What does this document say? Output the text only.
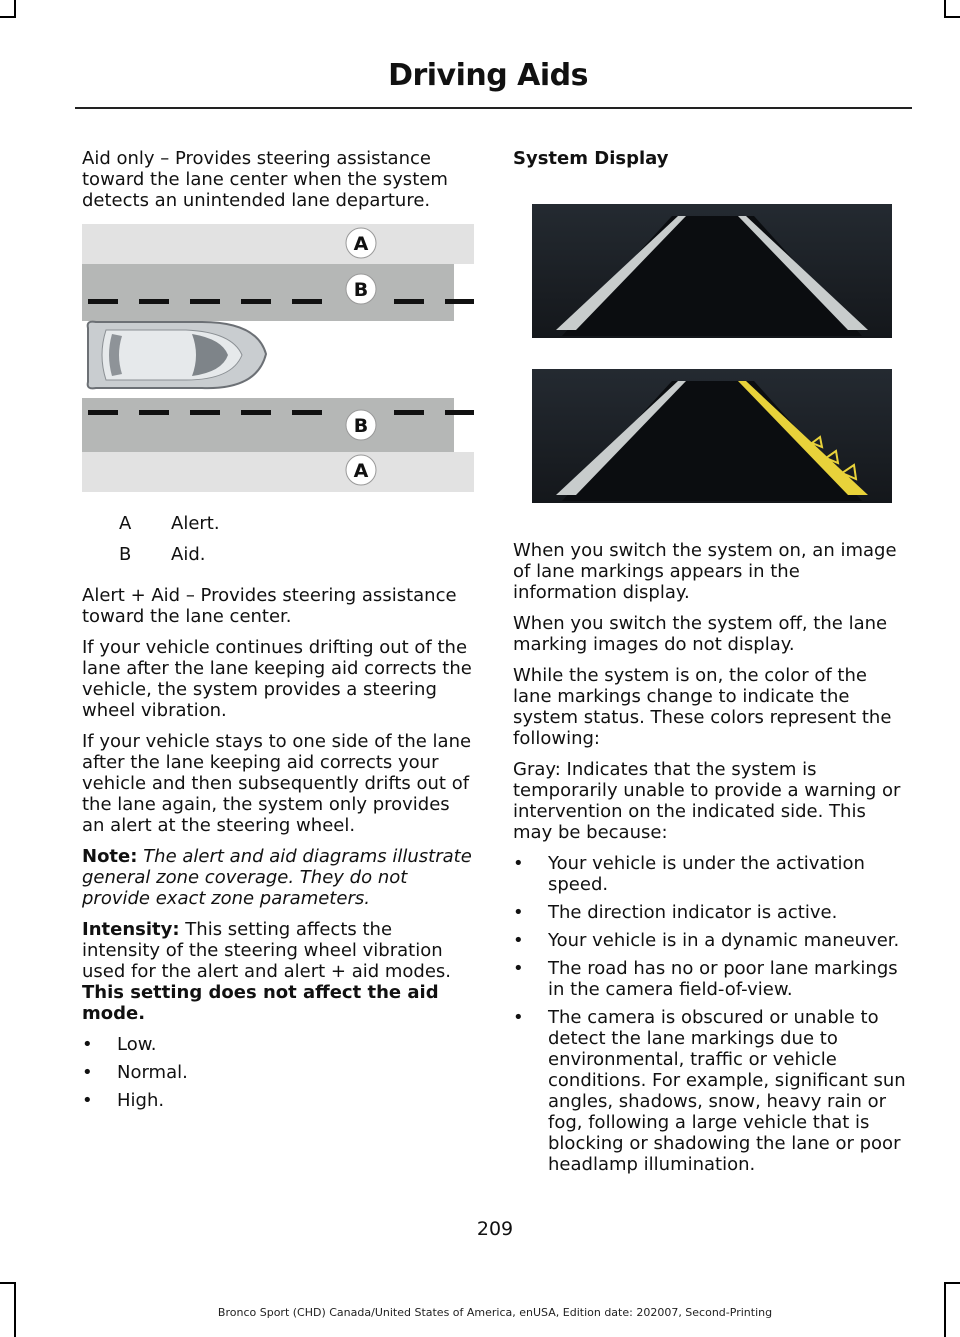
Driving Aids

Aid only – Provides steering assistance toward the lane center when the system detects an unintended lane departure.

A
B
B
A
A	Alert.
B	Aid.

Alert + Aid – Provides steering assistance toward the lane center.

If your vehicle continues drifting out of the lane after the lane keeping aid corrects the vehicle, the system provides a steering wheel vibration.

If your vehicle stays to one side of the lane after the lane keeping aid corrects your vehicle and then subsequently drifts out of the lane again, the system only provides an alert at the steering wheel.

Note: The alert and aid diagrams illustrate general zone coverage. They do not provide exact zone parameters.

Intensity: This setting affects the intensity of the steering wheel vibration used for the alert and alert + aid modes. This setting does not affect the aid mode.

• Low.
• Normal.
• High.

System Display

When you switch the system on, an image of lane markings appears in the information display.

When you switch the system off, the lane marking images do not display.

While the system is on, the color of the lane markings change to indicate the system status. These colors represent the following:

Gray: Indicates that the system is temporarily unable to provide a warning or intervention on the indicated side. This may be because:

• Your vehicle is under the activation speed.
• The direction indicator is active.
• Your vehicle is in a dynamic maneuver.
• The road has no or poor lane markings in the camera field-of-view.
• The camera is obscured or unable to detect the lane markings due to environmental, traffic or vehicle conditions. For example, significant sun angles, shadows, snow, heavy rain or fog, following a large vehicle that is blocking or shadowing the lane or poor headlamp illumination.
209
Bronco Sport (CHD) Canada/United States of America, enUSA, Edition date: 202007, Second-Printing
